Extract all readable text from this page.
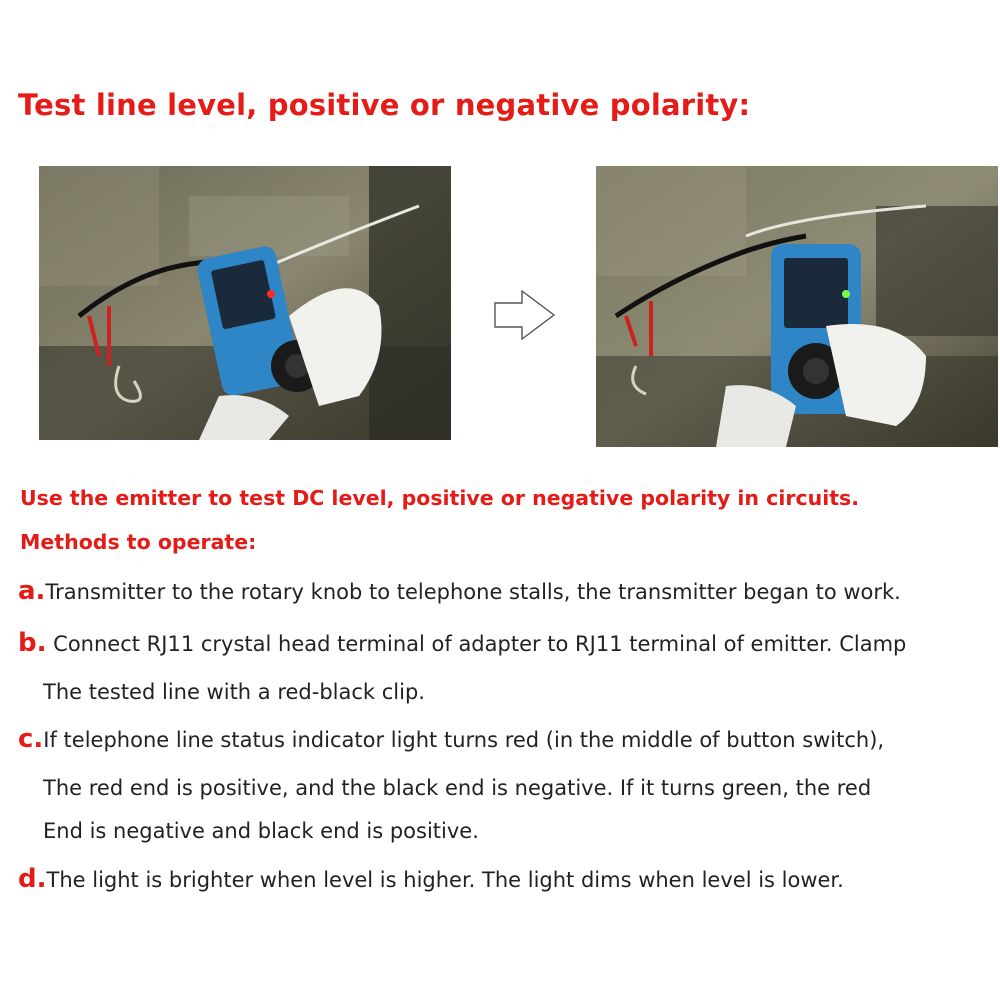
Test line level, positive or negative polarity:
Use the emitter to test DC level, positive or negative polarity in circuits.
Methods to operate:
a.Transmitter to the rotary knob to telephone stalls, the transmitter began to work.
b. Connect RJ11 crystal head terminal of adapter to RJ11 terminal of emitter. Clamp
The tested line with a red-black clip.
c.If telephone line status indicator light turns red (in the middle of button switch),
The red end is positive, and the black end is negative. If it turns green, the red
End is negative and black end is positive.
d.The light is brighter when level is higher. The light dims when level is lower.
